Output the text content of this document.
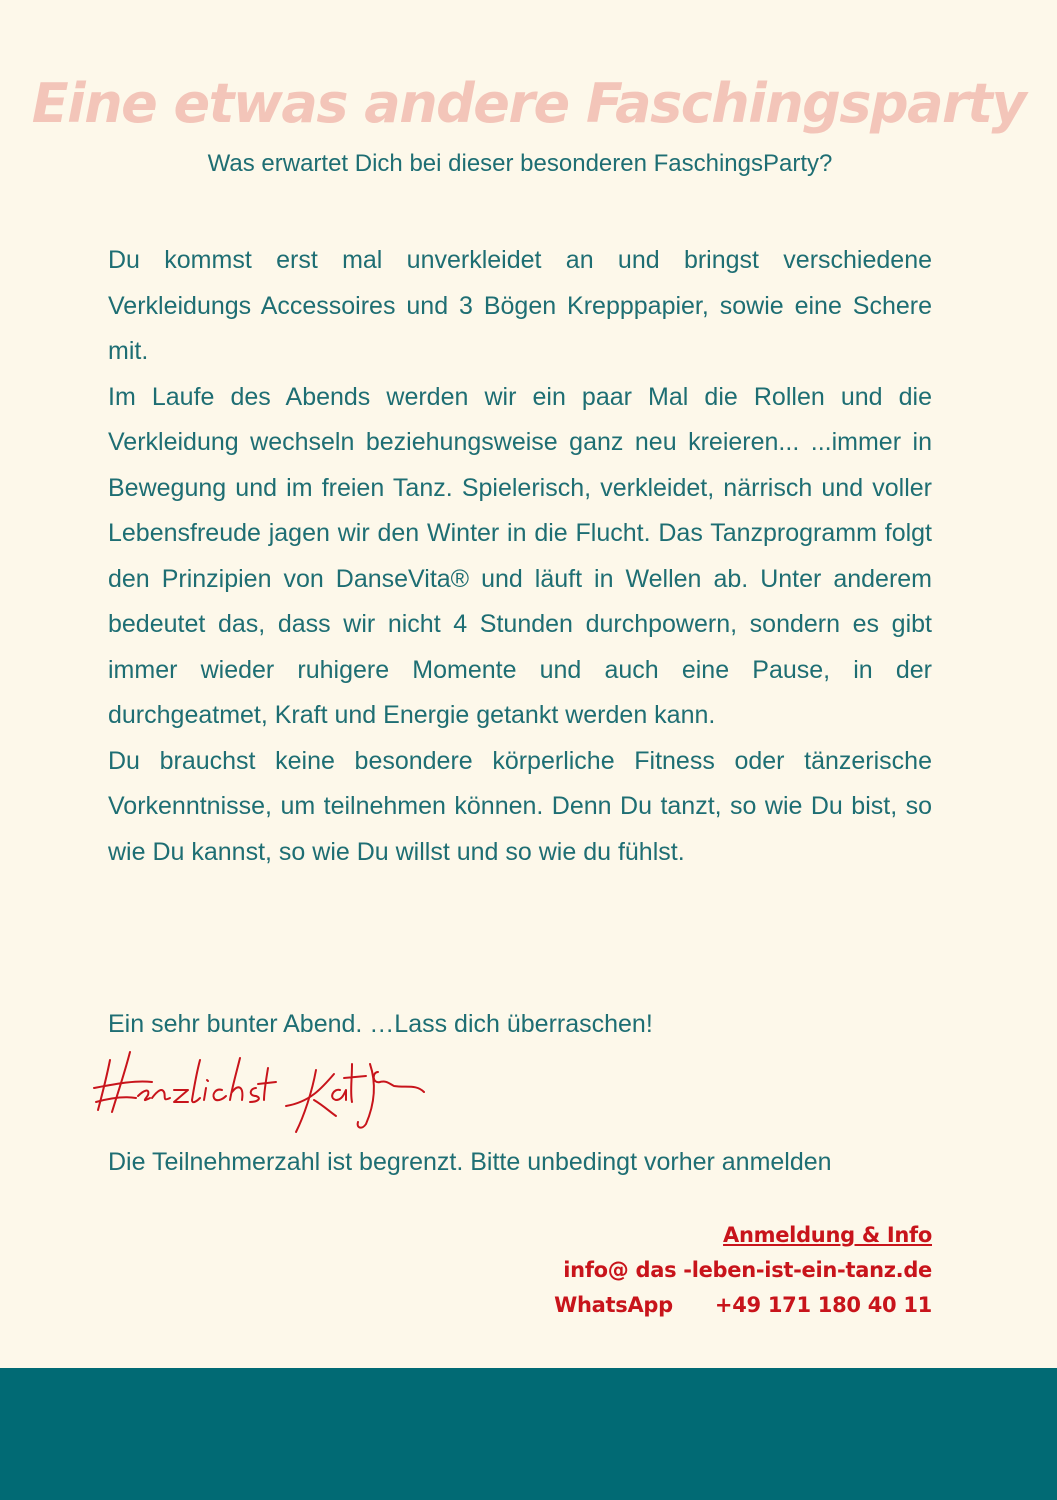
Eine etwas andere Faschingsparty
Was erwartet Dich bei dieser besonderen FaschingsParty?

Du kommst erst mal unverkleidet an und bringst verschiedene Verkleidungs Accessoires und 3 Bögen Krepppapier, sowie eine Schere mit.

Im Laufe des Abends werden wir ein paar Mal die Rollen und die Verkleidung wechseln beziehungsweise ganz neu kreieren... ...immer in Bewegung und im freien Tanz. Spielerisch, verkleidet, närrisch und voller Lebensfreude jagen wir den Winter in die Flucht. Das Tanzprogramm folgt den Prinzipien von DanseVita® und läuft in Wellen ab. Unter anderem bedeutet das, dass wir nicht 4 Stunden durchpowern, sondern es gibt immer wieder ruhigere Momente und auch eine Pause, in der durchgeatmet, Kraft und Energie getankt werden kann.

Du brauchst keine besondere körperliche Fitness oder tänzerische Vorkenntnisse, um teilnehmen können. Denn Du tanzt, so wie Du bist, so wie Du kannst, so wie Du willst und so wie du fühlst.

Ein sehr bunter Abend. …Lass dich überraschen!
Herzlichst Katja
Die Teilnehmerzahl ist begrenzt. Bitte unbedingt vorher anmelden
Anmeldung & Info
info@ das -leben-ist-ein-tanz.de
WhatsApp +49 171 180 40 11
